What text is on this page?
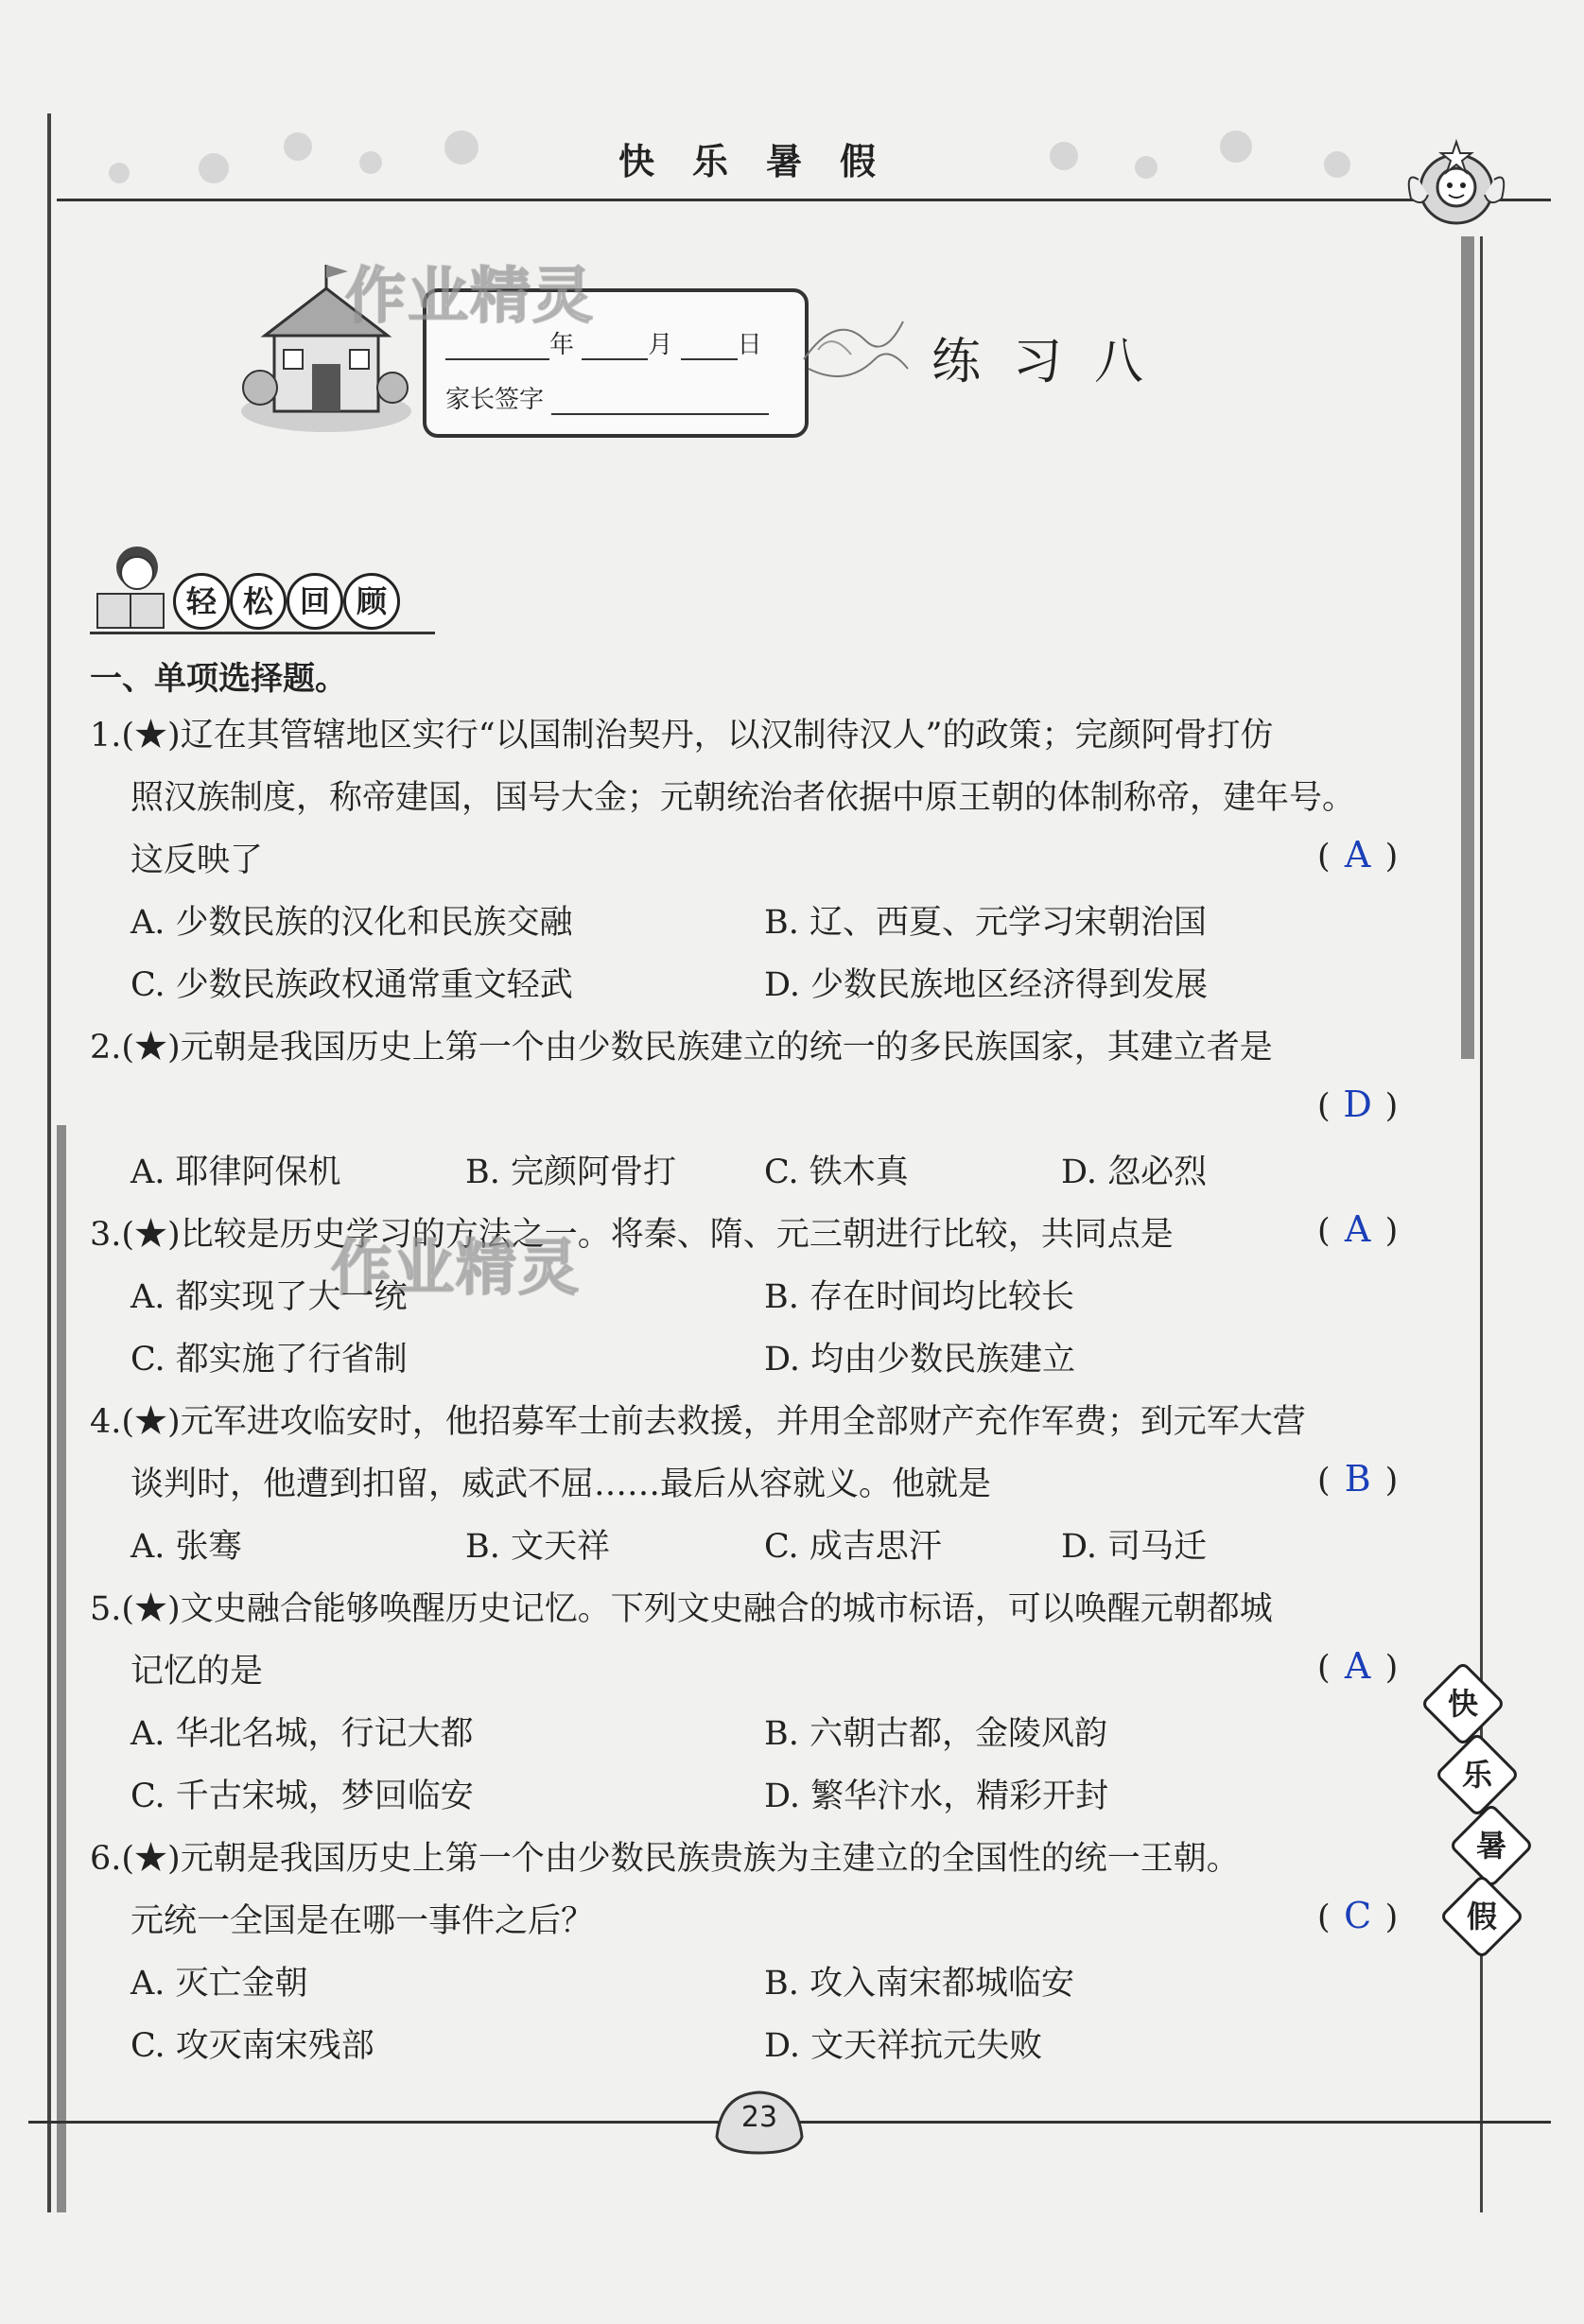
快乐暑假
年	月	日
家长签字
作业精灵
练习八
轻 松 回 顾
一、单项选择题。
1.(★)辽在其管辖地区实行“以国制治契丹，以汉制待汉人”的政策；完颜阿骨打仿
照汉族制度，称帝建国，国号大金；元朝统治者依据中原王朝的体制称帝，建年号。
这反映了	( A )
A. 少数民族的汉化和民族交融	B. 辽、西夏、元学习宋朝治国
C. 少数民族政权通常重文轻武	D. 少数民族地区经济得到发展
2.(★)元朝是我国历史上第一个由少数民族建立的统一的多民族国家，其建立者是
( D )
A. 耶律阿保机	B. 完颜阿骨打	C. 铁木真	D. 忽必烈
3.(★)比较是历史学习的方法之一。将秦、隋、元三朝进行比较，共同点是	( A )
作业精灵
A. 都实现了大一统	B. 存在时间均比较长
C. 都实施了行省制	D. 均由少数民族建立
4.(★)元军进攻临安时，他招募军士前去救援，并用全部财产充作军费；到元军大营
谈判时，他遭到扣留，威武不屈……最后从容就义。他就是	( B )
A. 张骞	B. 文天祥	C. 成吉思汗	D. 司马迁
5.(★)文史融合能够唤醒历史记忆。下列文史融合的城市标语，可以唤醒元朝都城
记忆的是	( A )
A. 华北名城，行记大都	B. 六朝古都，金陵风韵
C. 千古宋城，梦回临安	D. 繁华汴水，精彩开封
6.(★)元朝是我国历史上第一个由少数民族贵族为主建立的全国性的统一王朝。
元统一全国是在哪一事件之后？	( C )
A. 灭亡金朝	B. 攻入南宋都城临安
C. 攻灭南宋残部	D. 文天祥抗元失败
快
乐
暑
假
23
